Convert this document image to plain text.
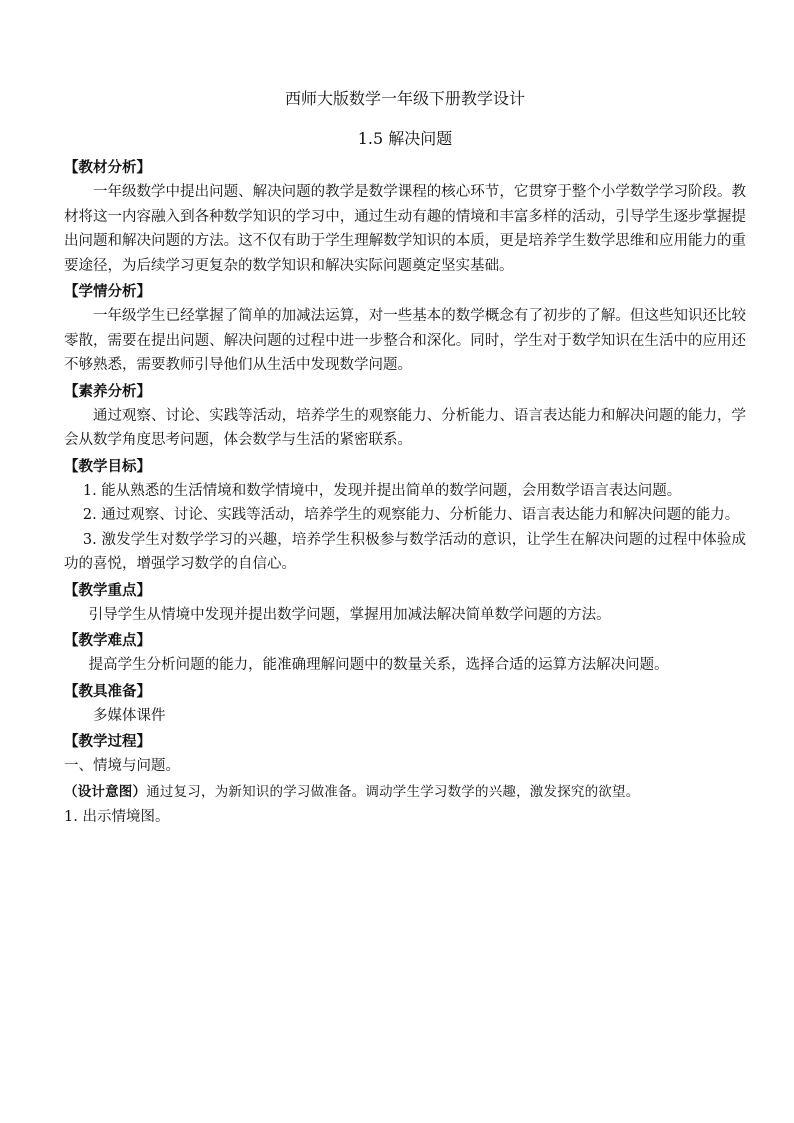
西师大版数学一年级下册教学设计
1.5 解决问题
【教材分析】

一年级数学中提出问题、解决问题的教学是数学课程的核心环节，它贯穿于整个小学数学学习阶段。教材将这一内容融入到各种数学知识的学习中，通过生动有趣的情境和丰富多样的活动，引导学生逐步掌握提出问题和解决问题的方法。这不仅有助于学生理解数学知识的本质，更是培养学生数学思维和应用能力的重要途径，为后续学习更复杂的数学知识和解决实际问题奠定坚实基础。

【学情分析】

一年级学生已经掌握了简单的加减法运算，对一些基本的数学概念有了初步的了解。但这些知识还比较零散，需要在提出问题、解决问题的过程中进一步整合和深化。同时，学生对于数学知识在生活中的应用还不够熟悉，需要教师引导他们从生活中发现数学问题。

【素养分析】

通过观察、讨论、实践等活动，培养学生的观察能力、分析能力、语言表达能力和解决问题的能力，学会从数学角度思考问题，体会数学与生活的紧密联系。

【教学目标】

1. 能从熟悉的生活情境和数学情境中，发现并提出简单的数学问题，会用数学语言表达问题。

2. 通过观察、讨论、实践等活动，培养学生的观察能力、分析能力、语言表达能力和解决问题的能力。

3. 激发学生对数学学习的兴趣，培养学生积极参与数学活动的意识，让学生在解决问题的过程中体验成功的喜悦，增强学习数学的自信心。

【教学重点】

引导学生从情境中发现并提出数学问题，掌握用加减法解决简单数学问题的方法。

【教学难点】

提高学生分析问题的能力，能准确理解问题中的数量关系，选择合适的运算方法解决问题。

【教具准备】

多媒体课件

【教学过程】

一、情境与问题。

（设计意图）通过复习，为新知识的学习做准备。调动学生学习数学的兴趣，激发探究的欲望。

1. 出示情境图。
